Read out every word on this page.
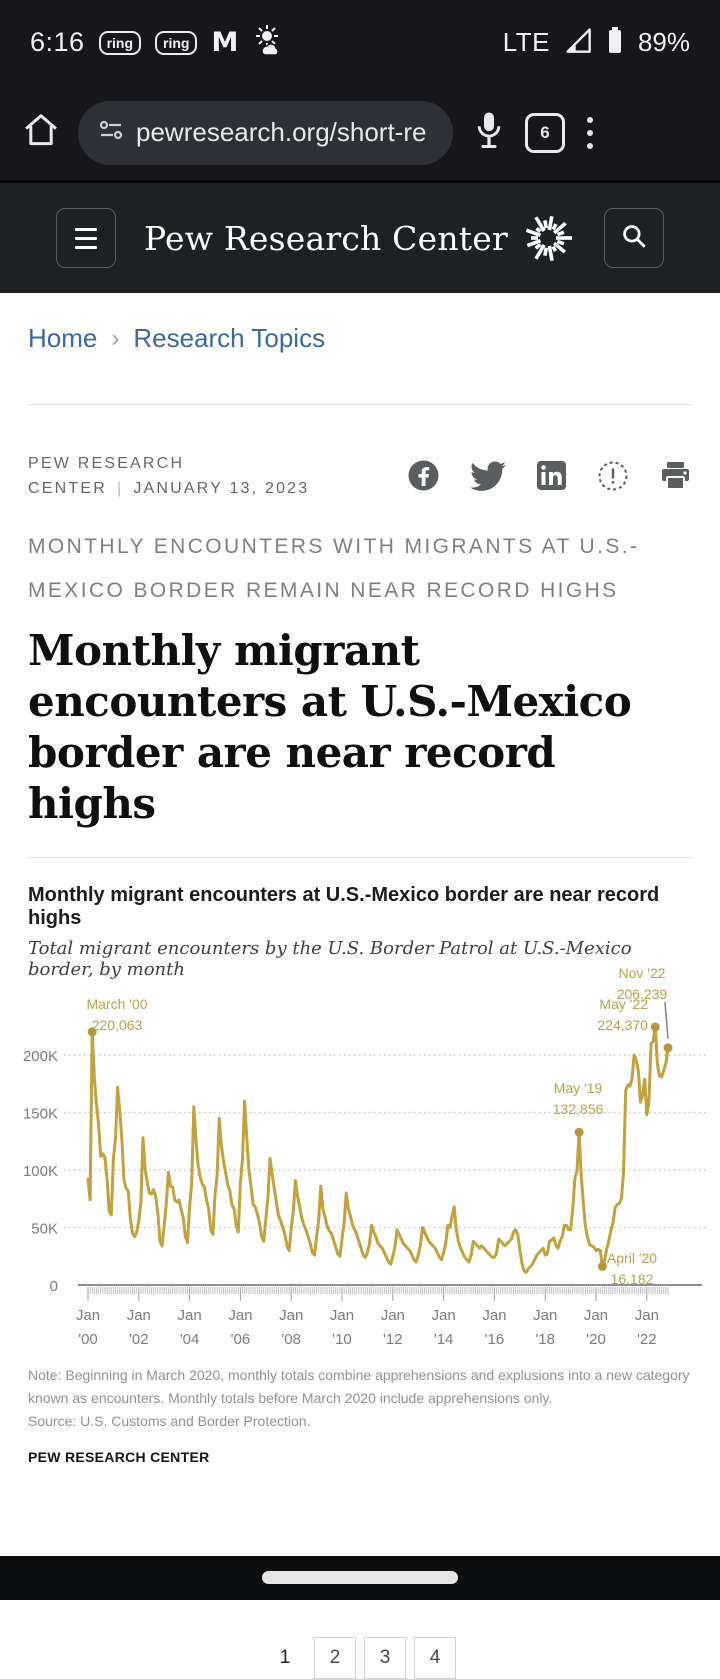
6:16	ring	ring M	LTE	89%
pewresearch.org/short-re	6
Pew Research Center
Home › Research Topics
PEW RESEARCH
CENTER | JANUARY 13, 2023
MONTHLY ENCOUNTERS WITH MIGRANTS AT U.S.-MEXICO BORDER REMAIN NEAR RECORD HIGHS
Monthly migrant encounters at U.S.-Mexico border are near record highs
Monthly migrant encounters at U.S.-Mexico border are near record highs
Total migrant encounters by the U.S. Border Patrol at U.S.-Mexico border, by month
50K
100K
150K
200K
0
Jan '00
Jan '02
Jan '04
Jan '06
Jan '08
Jan '10
Jan '12
Jan '14
Jan '16
Jan '18
Jan '20
Jan '22
March '00
220,063
May '19
132,856
April '20
16,182
May '22
224,370
Nov '22
206,239
Note: Beginning in March 2020, monthly totals combine apprehensions and explusions into a new category known as encounters. Monthly totals before March 2020 include apprehensions only.
Source: U.S. Customs and Border Protection.
PEW RESEARCH CENTER
1	2	3	4
